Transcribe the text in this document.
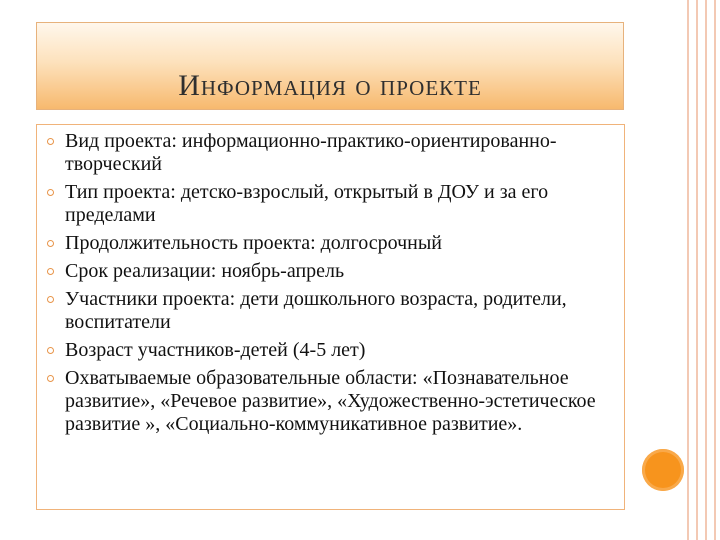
Информация о проекте
Вид проекта: информационно-практико-ориентированно-творческий
Тип проекта: детско-взрослый, открытый в ДОУ и за его пределами
Продолжительность проекта: долгосрочный
Срок реализации: ноябрь-апрель
Участники проекта: дети дошкольного возраста, родители, воспитатели
Возраст участников-детей (4-5 лет)
Охватываемые образовательные области: «Познавательное развитие», «Речевое развитие», «Художественно-эстетическое развитие », «Социально-коммуникативное развитие».
